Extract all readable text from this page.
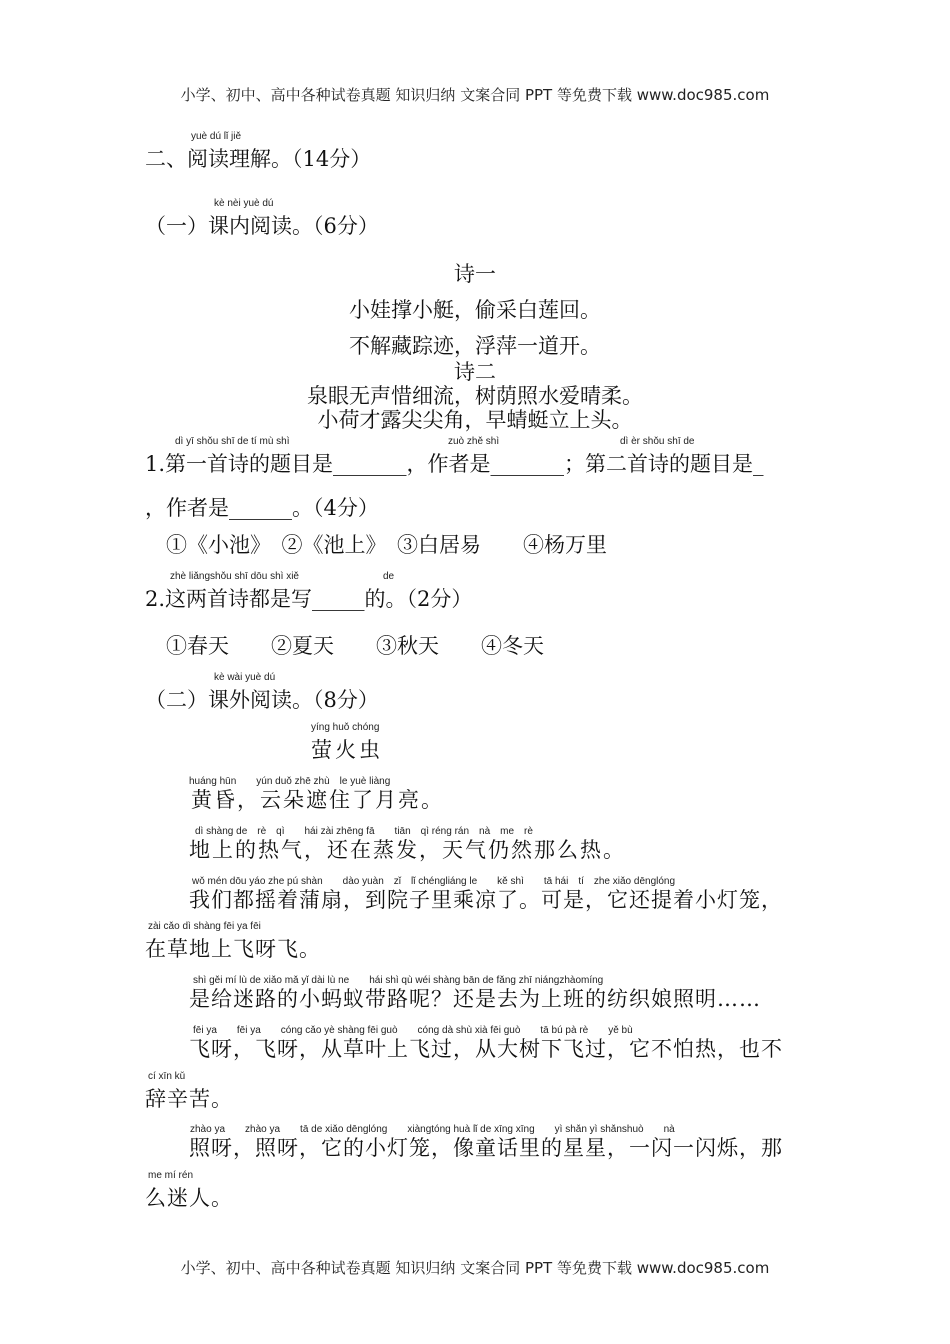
小学、初中、高中各种试卷真题 知识归纳 文案合同 PPT 等免费下载 www.doc985.com
yuè dú lǐ jiě
二、阅读理解。（14分）
kè nèi yuè dú
（一）课内阅读。（6分）
诗一
小娃撑小艇，偷采白莲回。
不解藏踪迹，浮萍一道开。
诗二
泉眼无声惜细流，树荫照水爱晴柔。
小荷才露尖尖角，早蜻蜓立上头。
dì yī shǒu shī de tí mù shì	zuò zhě shì	dì èr shǒu shī de
1.第一首诗的题目是_______，作者是_______；第二首诗的题目是_
，作者是______。（4分）
①《小池》　②《池上》　③白居易　　④杨万里
zhè liǎngshǒu shī dōu shì xiě	de
2.这两首诗都是写_____的。（2分）
①春天　　②夏天　　③秋天　　④冬天
kè wài yuè dú
（二）课外阅读。（8分）
yíng huǒ chóng
萤火虫
huáng hūn　　yún duǒ zhē zhù　le yuè liàng
黄昏，云朵遮住了月亮。
dì shàng de　rè　qì　　hái zài zhēng fā　　tiān　qì réng rán　nà　me　rè
地上的热气，还在蒸发，天气仍然那么热。
wǒ mén dōu yáo zhe pú shàn　　dào yuàn　zǐ　lǐ chéngliáng le　　kě shì　　tā hái　tí　zhe xiǎo dēnglóng
我们都摇着蒲扇，到院子里乘凉了。可是，它还提着小灯笼，
zài cǎo dì shàng fēi ya fēi
在草地上飞呀飞。
shì gěi mí lù de xiǎo mǎ yǐ dài lù ne　　hái shì qù wéi shàng bān de fǎng zhī niángzhàomíng
是给迷路的小蚂蚁带路呢？还是去为上班的纺织娘照明……
fēi ya　　fēi ya　　cóng cǎo yè shàng fēi guò　　cóng dà shù xià fēi guò　　tā bú pà rè　　yě bù
飞呀，飞呀，从草叶上飞过，从大树下飞过，它不怕热，也不
cí xīn kǔ
辞辛苦。
zhào ya　　zhào ya　　tā de xiǎo dēnglóng　　xiàngtóng huà lǐ de xīng xīng　　yì shǎn yì shǎnshuò　　nà
照呀，照呀，它的小灯笼，像童话里的星星，一闪一闪烁，那
me mí rén
么迷人。
小学、初中、高中各种试卷真题 知识归纳 文案合同 PPT 等免费下载 www.doc985.com
